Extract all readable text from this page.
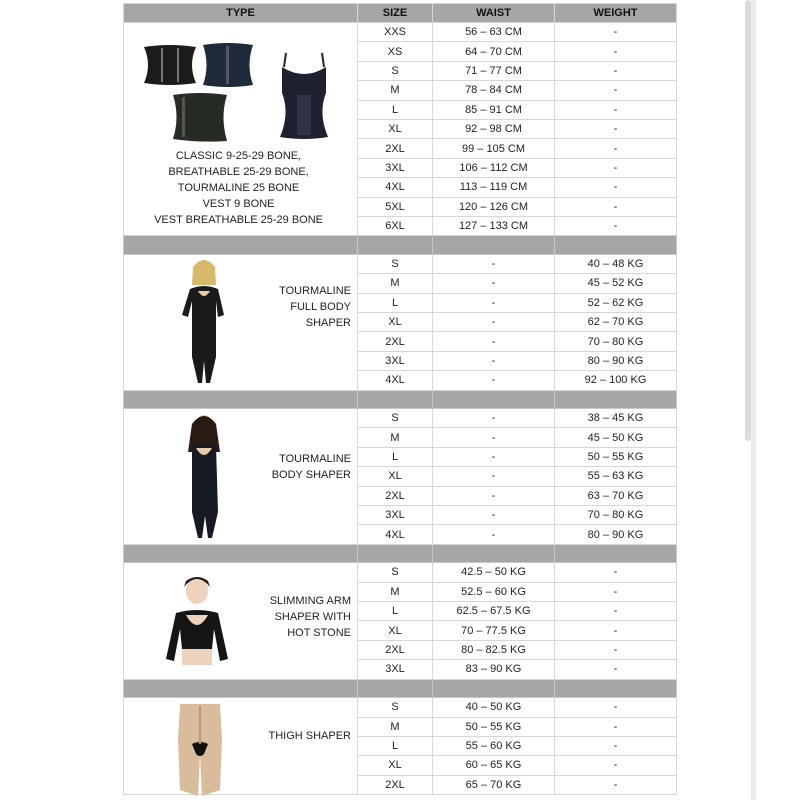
TYPE	SIZE	WAIST	WEIGHT

CLASSIC 9-25-29 BONE,
BREATHABLE 25-29 BONE,
TOURMALINE 25 BONE
VEST 9 BONE
VEST BREATHABLE 25-29 BONE	XXS	56 – 63 CM	-
	XS	64 – 70 CM	-
	S	71 – 77 CM	-
	M	78 – 84 CM	-
	L	85 – 91 CM	-
	XL	92 – 98 CM	-
	2XL	99 – 105 CM	-
	3XL	106 – 112 CM	-
	4XL	113 – 119 CM	-
	5XL	120 – 126 CM	-
	6XL	127 – 133 CM	-

TOURMALINE
FULL BODY
SHAPER	S	-	40 – 48 KG
	M	-	45 – 52 KG
	L	-	52 – 62 KG
	XL	-	62 – 70 KG
	2XL	-	70 – 80 KG
	3XL	-	80 – 90 KG
	4XL	-	92 – 100 KG

TOURMALINE
BODY SHAPER	S	-	38 – 45 KG
	M	-	45 – 50 KG
	L	-	50 – 55 KG
	XL	-	55 – 63 KG
	2XL	-	63 – 70 KG
	3XL	-	70 – 80 KG
	4XL	-	80 – 90 KG

SLIMMING ARM
SHAPER WITH
HOT STONE	S	42.5 – 50 KG	-
	M	52.5 – 60 KG	-
	L	62.5 – 67.5 KG	-
	XL	70 – 77.5 KG	-
	2XL	80 – 82.5 KG	-
	3XL	83 – 90 KG	-

THIGH SHAPER	S	40 – 50 KG	-
	M	50 – 55 KG	-
	L	55 – 60 KG	-
	XL	60 – 65 KG	-
	2XL	65 – 70 KG	-
